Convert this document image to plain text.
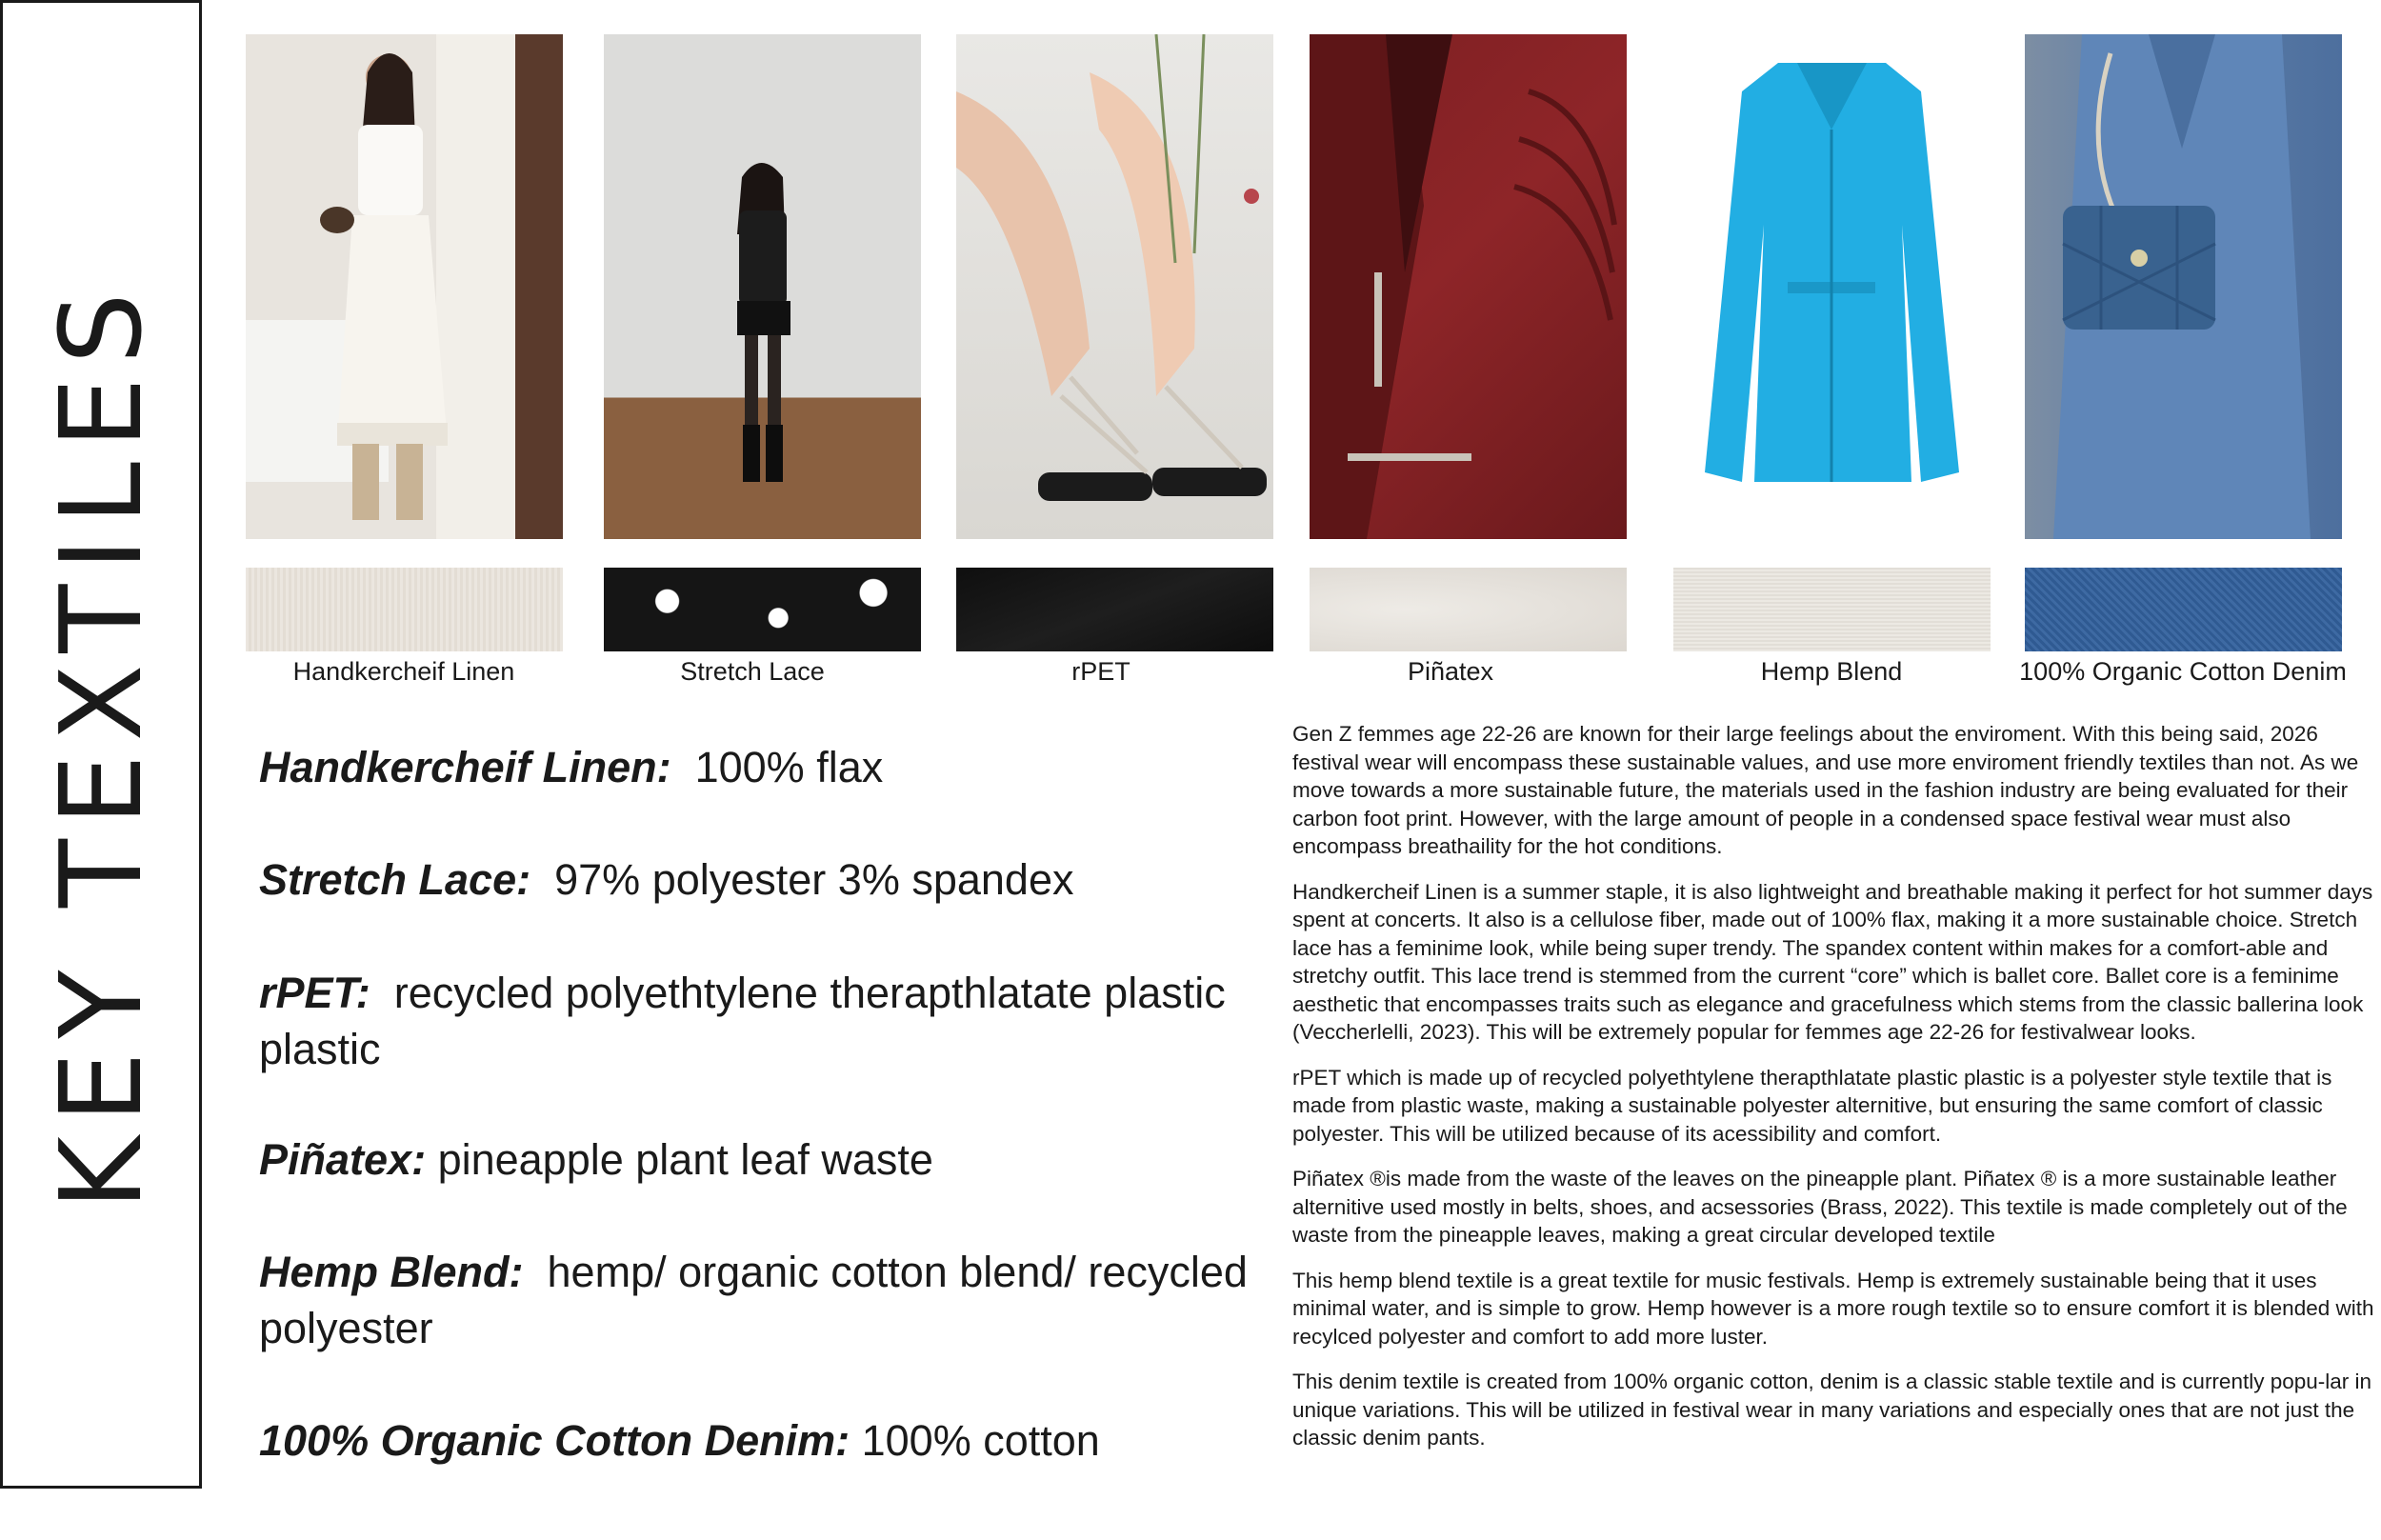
KEY TEXTILES	Handkercheif Linen	Stretch Lace	rPET	Piñatex	Hemp Blend	100% Organic Cotton Denim
Handkercheif Linen: 100% flax
Stretch Lace: 97% polyester 3% spandex
rPET: recycled polyethtylene therapthlatate plastic plastic
Piñatex: pineapple plant leaf waste
Hemp Blend: hemp/ organic cotton blend/ recycled polyester
100% Organic Cotton Denim: 100% cotton

Gen Z femmes age 22-26 are known for their large feelings about the enviroment. With this being said, 2026 festival wear will encompass these sustainable values, and use more enviroment friendly textiles than not. As we move towards a more sustainable future, the materials used in the fashion industry are being evaluated for their carbon foot print. However, with the large amount of people in a condensed space festival wear must also encompass breathaility for the hot conditions.

Handkercheif Linen is a summer staple, it is also lightweight and breathable making it perfect for hot summer days spent at concerts. It also is a cellulose fiber, made out of 100% flax, making it a more sustainable choice. Stretch lace has a feminime look, while being super trendy. The spandex content within makes for a comfort-able and stretchy outfit. This lace trend is stemmed from the current “core” which is ballet core. Ballet core is a feminime aesthetic that encompasses traits such as elegance and gracefulness which stems from the classic ballerina look (Veccherlelli, 2023). This will be extremely popular for femmes age 22-26 for festivalwear looks.

rPET which is made up of recycled polyethtylene therapthlatate plastic plastic is a polyester style textile that is made from plastic waste, making a sustainable polyester alternitive, but ensuring the same comfort of classic polyester. This will be utilized because of its acessibility and comfort.

Piñatex ®is made from the waste of the leaves on the pineapple plant. Piñatex ® is a more sustainable leather alternitive used mostly in belts, shoes, and acsessories (Brass, 2022). This textile is made completely out of the waste from the pineapple leaves, making a great circular developed textile

This hemp blend textile is a great textile for music festivals. Hemp is extremely sustainable being that it uses minimal water, and is simple to grow. Hemp however is a more rough textile so to ensure comfort it is blended with recylced polyester and comfort to add more luster.

This denim textile is created from 100% organic cotton, denim is a classic stable textile and is currently popu-lar in unique variations. This will be utilized in festival wear in many variations and especially ones that are not just the classic denim pants.
